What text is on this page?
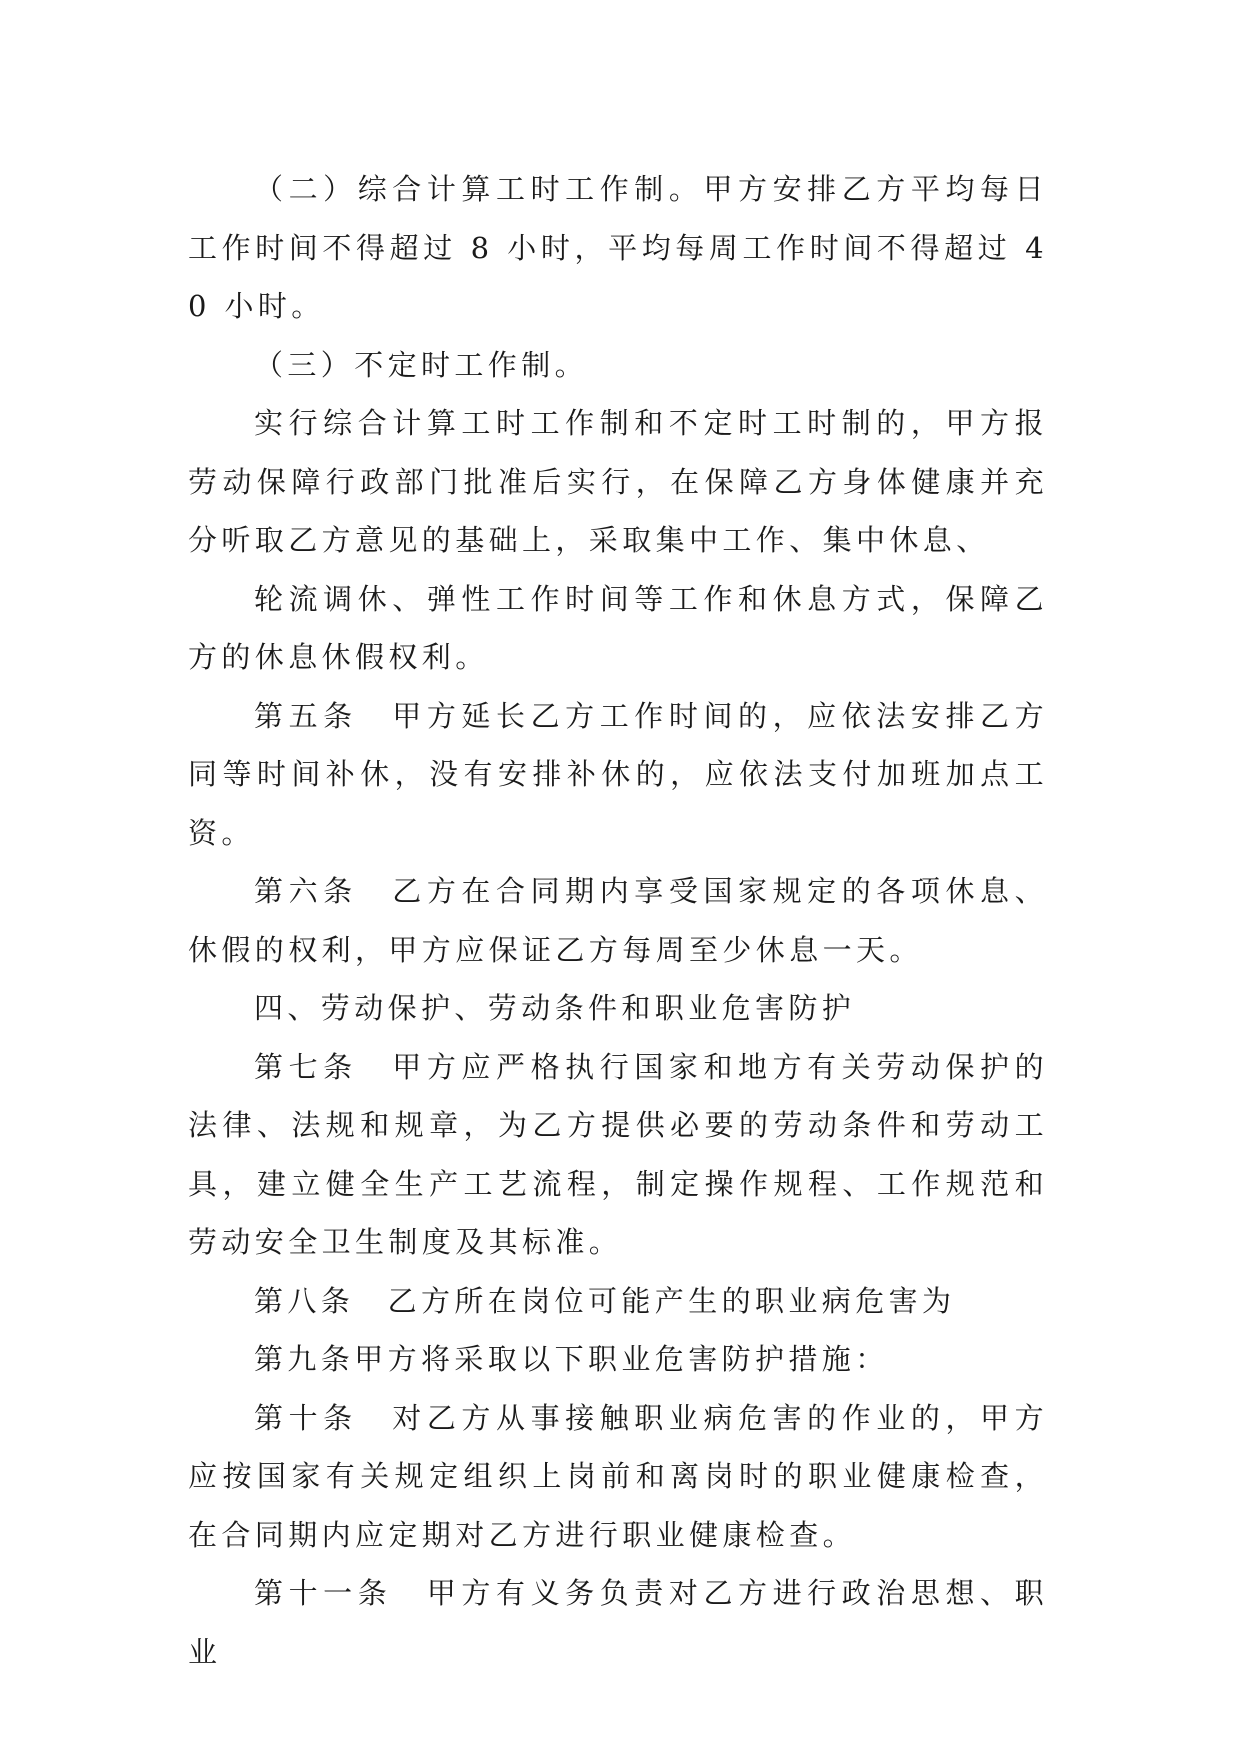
（二）综合计算工时工作制。甲方安排乙方平均每日工作时间不得超过 8 小时，平均每周工作时间不得超过 40 小时。

（三）不定时工作制。

实行综合计算工时工作制和不定时工时制的，甲方报劳动保障行政部门批准后实行，在保障乙方身体健康并充分听取乙方意见的基础上，采取集中工作、集中休息、

轮流调休、弹性工作时间等工作和休息方式，保障乙方的休息休假权利。

第五条　甲方延长乙方工作时间的，应依法安排乙方同等时间补休，没有安排补休的，应依法支付加班加点工资。

第六条　乙方在合同期内享受国家规定的各项休息、休假的权利，甲方应保证乙方每周至少休息一天。

四、劳动保护、劳动条件和职业危害防护

第七条　甲方应严格执行国家和地方有关劳动保护的法律、法规和规章，为乙方提供必要的劳动条件和劳动工具，建立健全生产工艺流程，制定操作规程、工作规范和劳动安全卫生制度及其标准。

第八条　乙方所在岗位可能产生的职业病危害为

第九条甲方将采取以下职业危害防护措施：

第十条　对乙方从事接触职业病危害的作业的，甲方应按国家有关规定组织上岗前和离岗时的职业健康检查，在合同期内应定期对乙方进行职业健康检查。

第十一条　甲方有义务负责对乙方进行政治思想、职业
